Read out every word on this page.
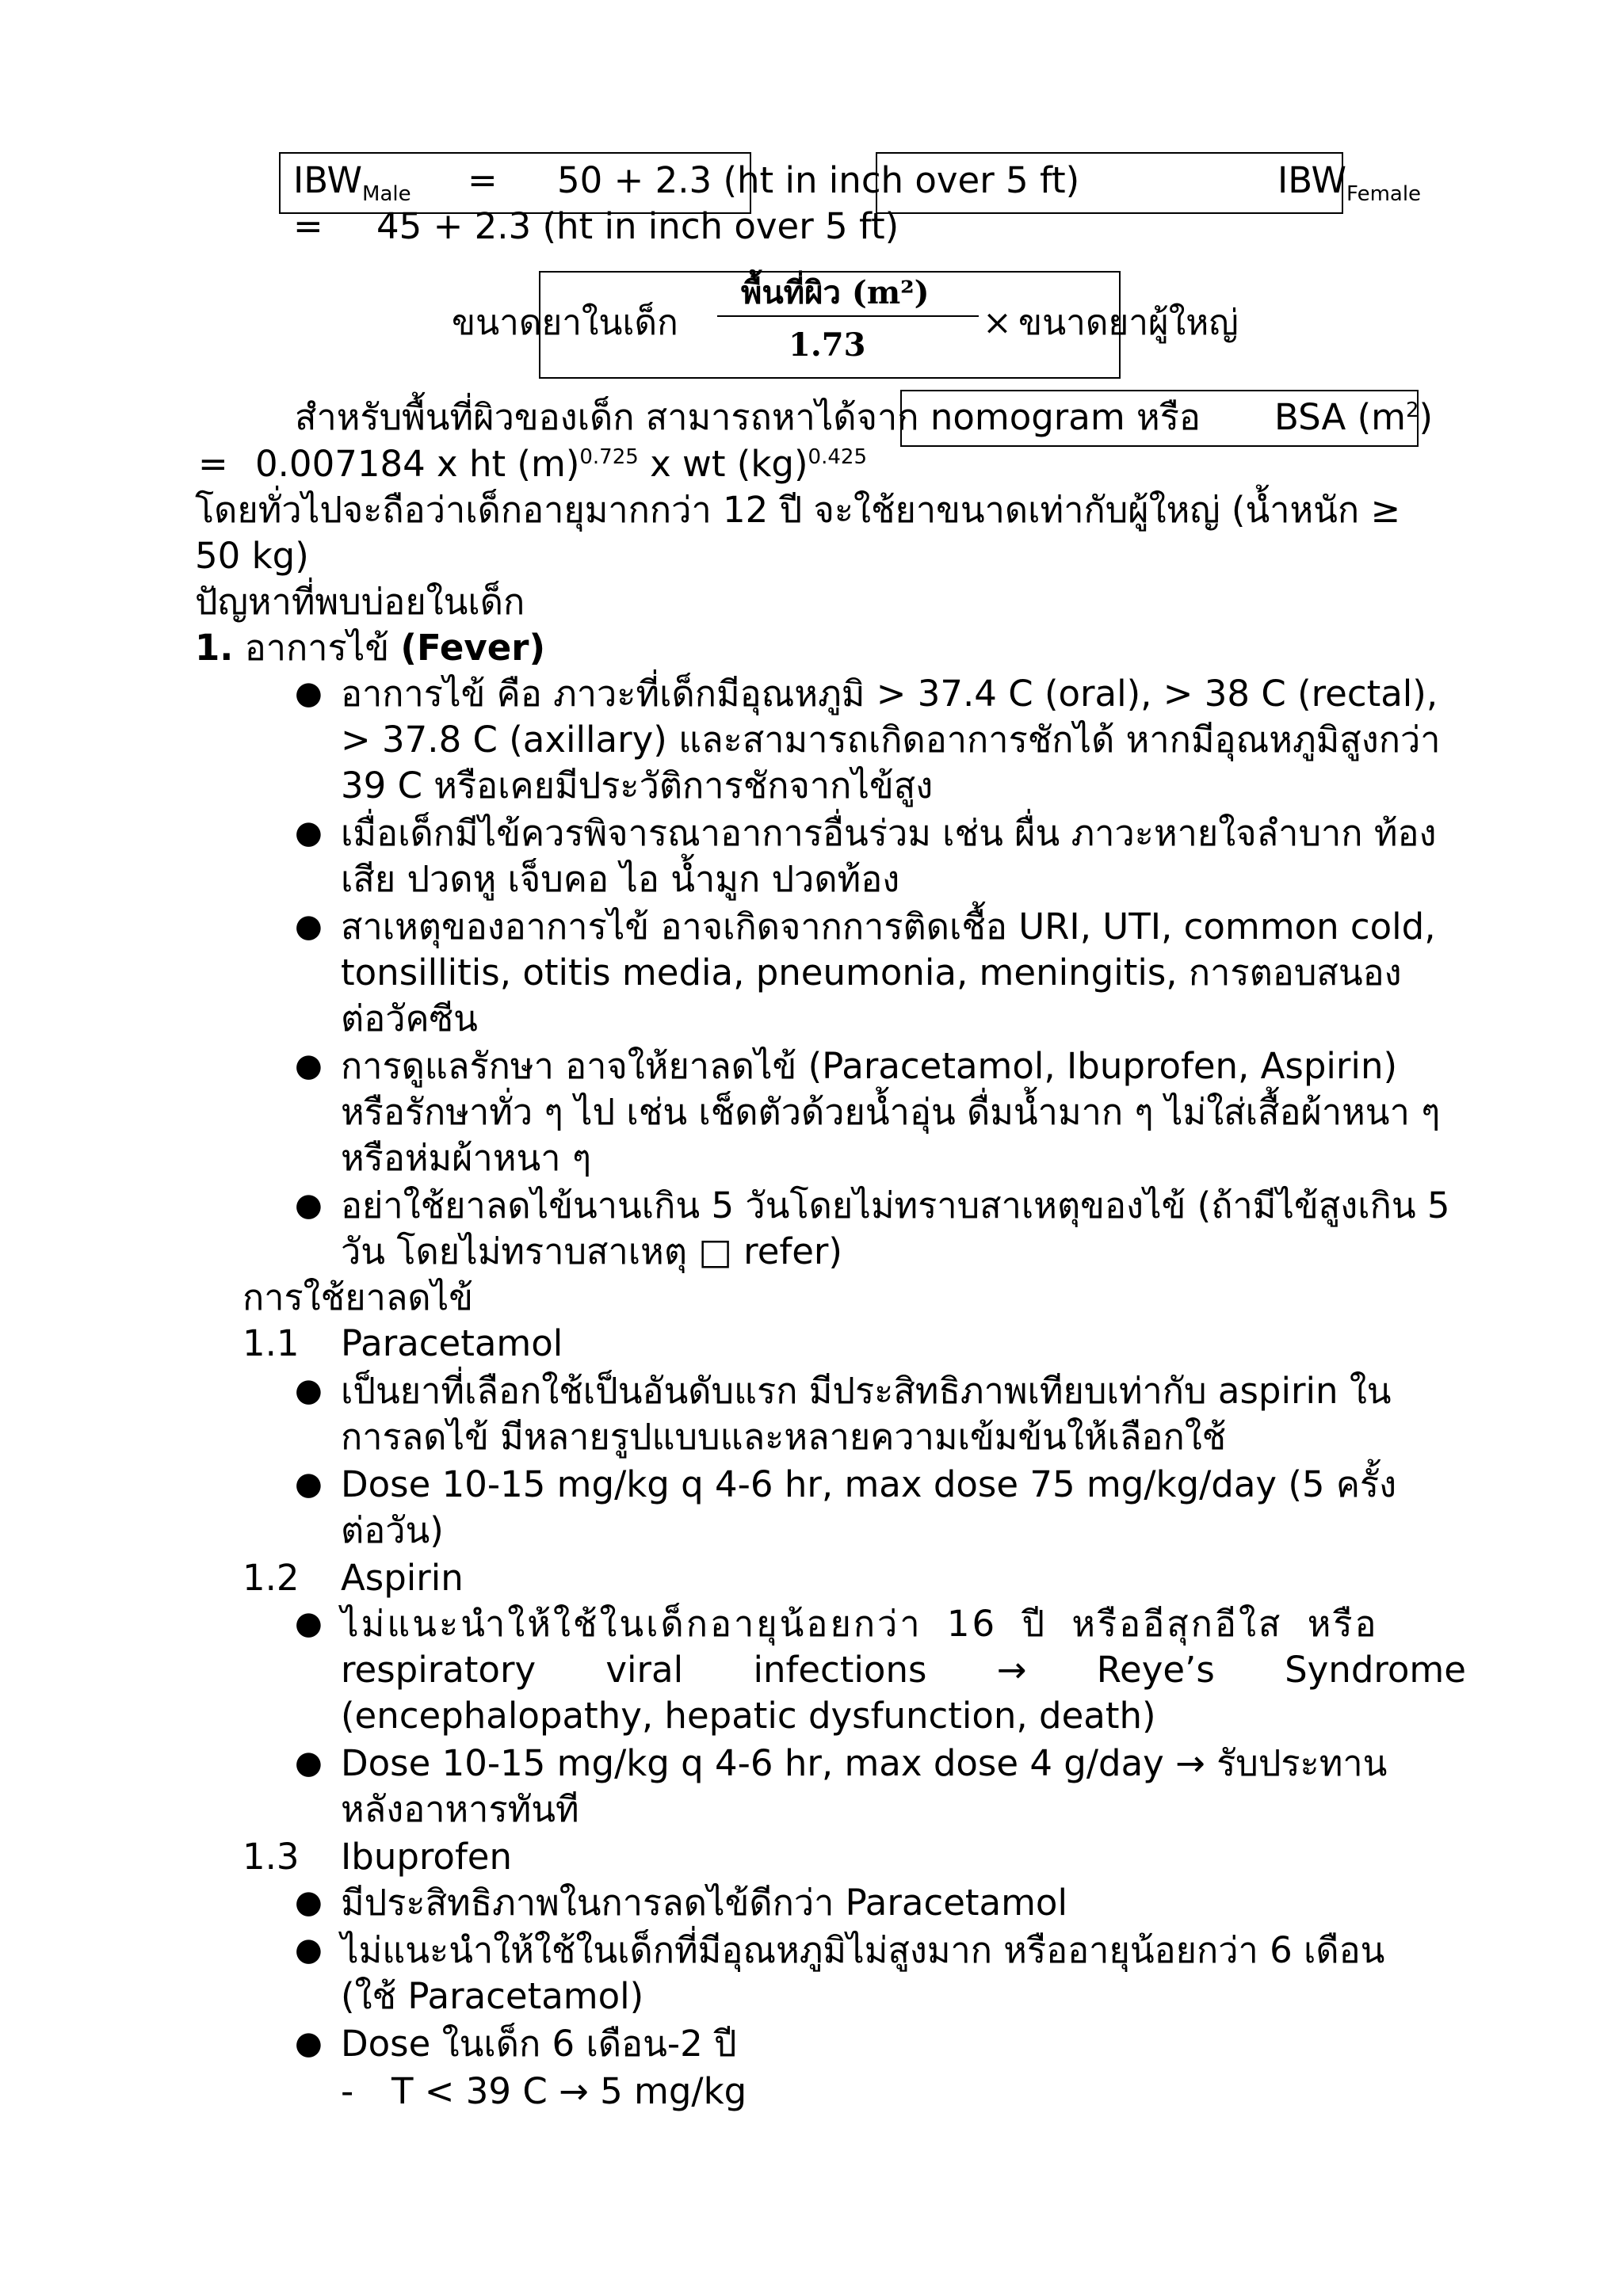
$IBW_{Male} = 50 + 2.3$ (ht in inch over 5 ft)	$IBW_{Female}$
= 45 + 2.3 (ht in inch over 5 ft)
ขนาดยาในเด็ก
พื้นที่ผิว (m²)
1.73
× ขนาดยาผู้ใหญ่
สำหรับพื้นที่ผิวของเด็ก สามารถหาได้จาก nomogram หรือ BSA $(m^2)$
= 0.007184 x ht $(m)^{0.725}$ x wt (kg)$^{0.425}$
โดยทั่วไปจะถือว่าเด็กอายุมากกว่า 12 ปี จะใช้ยาขนาดเท่ากับผู้ใหญ่ (น้ำหนัก ≥
50 kg)
ปัญหาที่พบบ่อยในเด็ก
1. อาการไข้ (Fever)
● อาการไข้ คือ ภาวะที่เด็กมีอุณหภูมิ > 37.4 C (oral), > 38 C (rectal),
> 37.8 C (axillary) และสามารถเกิดอาการชักได้ หากมีอุณหภูมิสูงกว่า
39 C หรือเคยมีประวัติการชักจากไข้สูง
● เมื่อเด็กมีไข้ควรพิจารณาอาการอื่นร่วม เช่น ผื่น ภาวะหายใจลำบาก ท้อง
เสีย ปวดหู เจ็บคอ ไอ น้ำมูก ปวดท้อง
● สาเหตุของอาการไข้ อาจเกิดจากการติดเชื้อ URI, UTI, common cold,
tonsillitis, otitis media, pneumonia, meningitis, การตอบสนอง
ต่อวัคซีน
● การดูแลรักษา อาจให้ยาลดไข้ (Paracetamol, Ibuprofen, Aspirin)
หรือรักษาทั่ว ๆ ไป เช่น เช็ดตัวด้วยน้ำอุ่น ดื่มน้ำมาก ๆ ไม่ใส่เสื้อผ้าหนา ๆ
หรือห่มผ้าหนา ๆ
● อย่าใช้ยาลดไข้นานเกิน 5 วันโดยไม่ทราบสาเหตุของไข้ (ถ้ามีไข้สูงเกิน 5
วัน โดยไม่ทราบสาเหตุ □ refer)
การใช้ยาลดไข้
1.1 Paracetamol
● เป็นยาที่เลือกใช้เป็นอันดับแรก มีประสิทธิภาพเทียบเท่ากับ aspirin ใน
การลดไข้ มีหลายรูปแบบและหลายความเข้มข้นให้เลือกใช้
● Dose 10-15 mg/kg q 4-6 hr, max dose 75 mg/kg/day (5 ครั้ง
ต่อวัน)
1.2 Aspirin
● ไม่แนะนำให้ใช้ในเด็กอายุน้อยกว่า 16 ปี หรืออีสุกอีใส หรือ
respiratory viral infections → Reye’s Syndrome
(encephalopathy, hepatic dysfunction, death)
● Dose 10-15 mg/kg q 4-6 hr, max dose 4 g/day → รับประทาน
หลังอาหารทันที
1.3 Ibuprofen
● มีประสิทธิภาพในการลดไข้ดีกว่า Paracetamol
● ไม่แนะนำให้ใช้ในเด็กที่มีอุณหภูมิไม่สูงมาก หรืออายุน้อยกว่า 6 เดือน
(ใช้ Paracetamol)
● Dose ในเด็ก 6 เดือน-2 ปี
- T < 39 C → 5 mg/kg
